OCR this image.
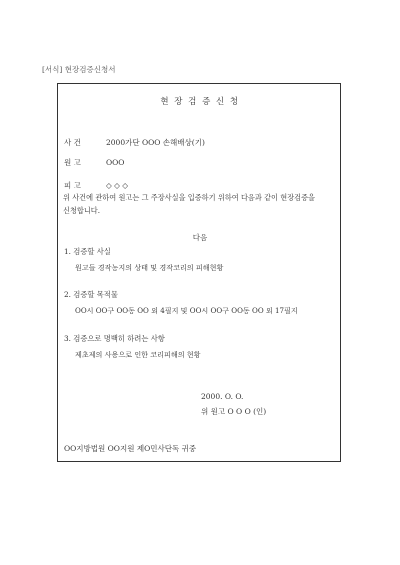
[서식] 현장검증신청서
현 장 검 증 신 청
사 건	2000가단 OOO 손해배상(기)
원 고	OOO
피 고	◇ ◇ ◇
위 사건에 관하여 원고는 그 주장사실을 입증하기 위하여 다음과 같이 현장검증을
신청합니다.
다음
1. 검증할 사실
원고들 경작농지의 상태 및 경작코리의 피해현황
2. 검증할 목적물
OO시 OO구 OO동 OO 외 4필지 및 OO시 OO구 OO동 OO 외 17필지
3. 검증으로 명백히 하려는 사항
제초제의 사용으로 인한 코리피해의 현황
2000. O. O.
위 원고 O O O (인)
OO지방법원 OO지원 제O민사단독 귀중
